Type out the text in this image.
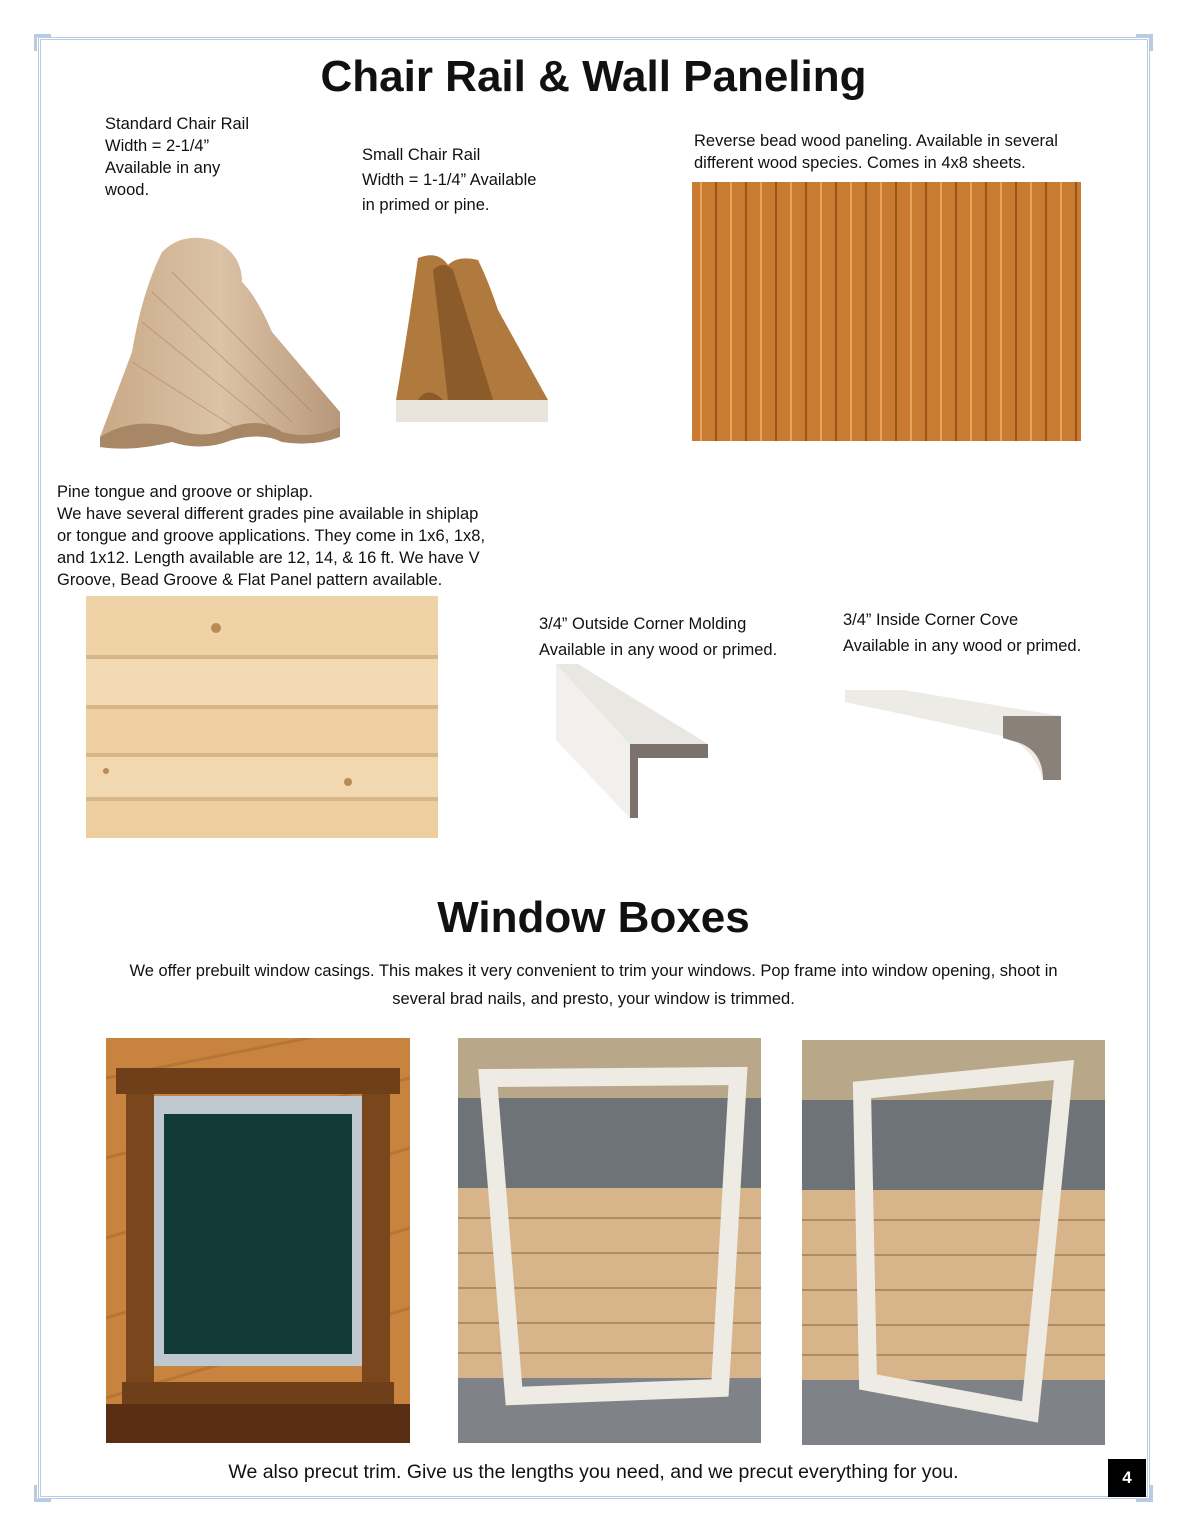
Chair Rail & Wall Paneling
Standard Chair Rail
Width = 2-1/4”
Available in any
wood.
Small Chair Rail
Width = 1-1/4” Available
in primed or pine.
Reverse bead wood paneling. Available in several
different wood species. Comes in 4x8 sheets.
Pine tongue and groove or shiplap.
We have several different grades pine available in shiplap
or tongue and groove applications. They come in 1x6, 1x8,
and 1x12. Length available are 12, 14, & 16 ft. We have V
Groove, Bead Groove & Flat Panel pattern available.
3/4” Outside Corner Molding
Available in any wood or primed.
3/4” Inside Corner Cove
Available in any wood or primed.
Window Boxes
We offer prebuilt window casings. This makes it very convenient to trim your windows. Pop frame into window opening, shoot in
several brad nails, and presto, your window is trimmed.
We also precut trim. Give us the lengths you need, and we precut everything for you.	4
